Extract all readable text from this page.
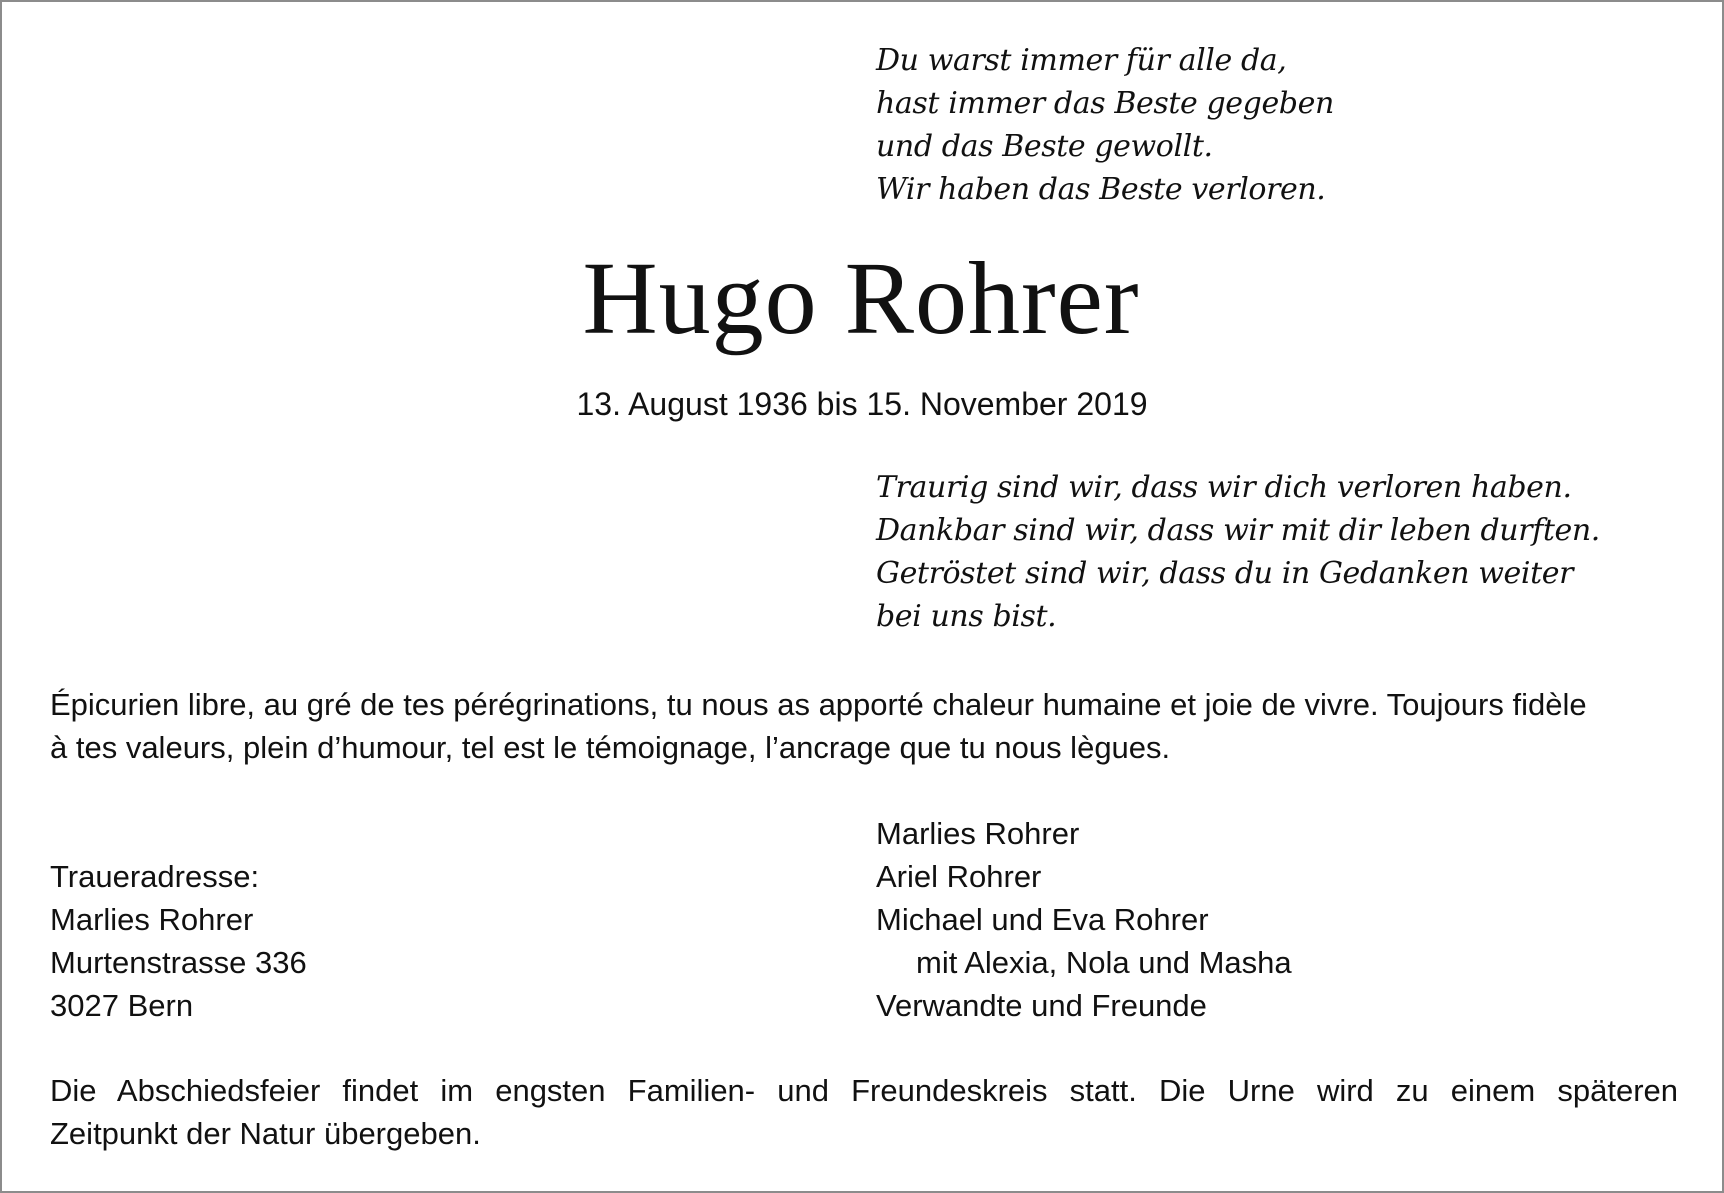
Du warst immer für alle da,
hast immer das Beste gegeben
und das Beste gewollt.
Wir haben das Beste verloren.
Hugo Rohrer
13. August 1936 bis 15. November 2019
Traurig sind wir, dass wir dich verloren haben.
Dankbar sind wir, dass wir mit dir leben durften.
Getröstet sind wir, dass du in Gedanken weiter
bei uns bist.
Épicurien libre, au gré de tes pérégrinations, tu nous as apporté chaleur humaine et joie de vivre. Toujours fidèle
à tes valeurs, plein d’humour, tel est le témoignage, l’ancrage que tu nous lègues.
Marlies Rohrer
Ariel Rohrer
Michael und Eva Rohrer
mit Alexia, Nola und Masha
Verwandte und Freunde
Traueradresse:
Marlies Rohrer
Murtenstrasse 336
3027 Bern
Die Abschiedsfeier findet im engsten Familien- und Freundeskreis statt. Die Urne wird zu einem späteren
Zeitpunkt der Natur übergeben.
